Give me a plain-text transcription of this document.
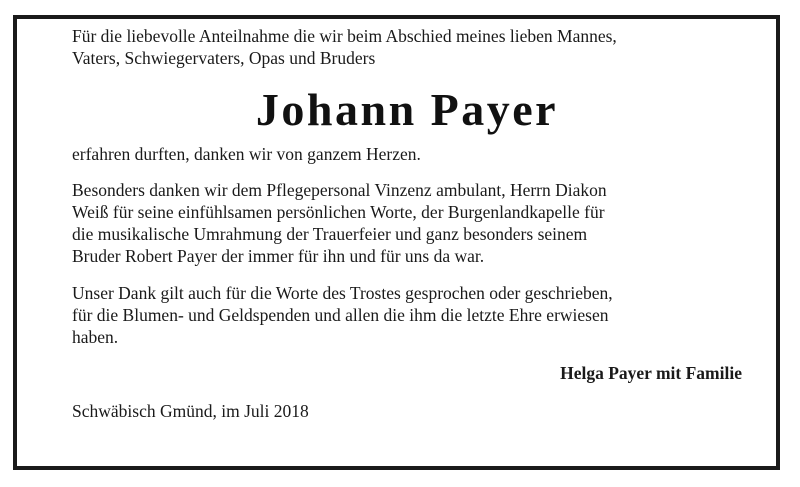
Für die liebevolle Anteilnahme die wir beim Abschied meines lieben Mannes,
Vaters, Schwiegervaters, Opas und Bruders
Johann Payer
erfahren durften, danken wir von ganzem Herzen.
Besonders danken wir dem Pflegepersonal Vinzenz ambulant, Herrn Diakon
Weiß für seine einfühlsamen persönlichen Worte, der Burgenlandkapelle für
die musikalische Umrahmung der Trauerfeier und ganz besonders seinem
Bruder Robert Payer der immer für ihn und für uns da war.
Unser Dank gilt auch für die Worte des Trostes gesprochen oder geschrieben,
für die Blumen- und Geldspenden und allen die ihm die letzte Ehre erwiesen
haben.
Helga Payer mit Familie
Schwäbisch Gmünd, im Juli 2018
